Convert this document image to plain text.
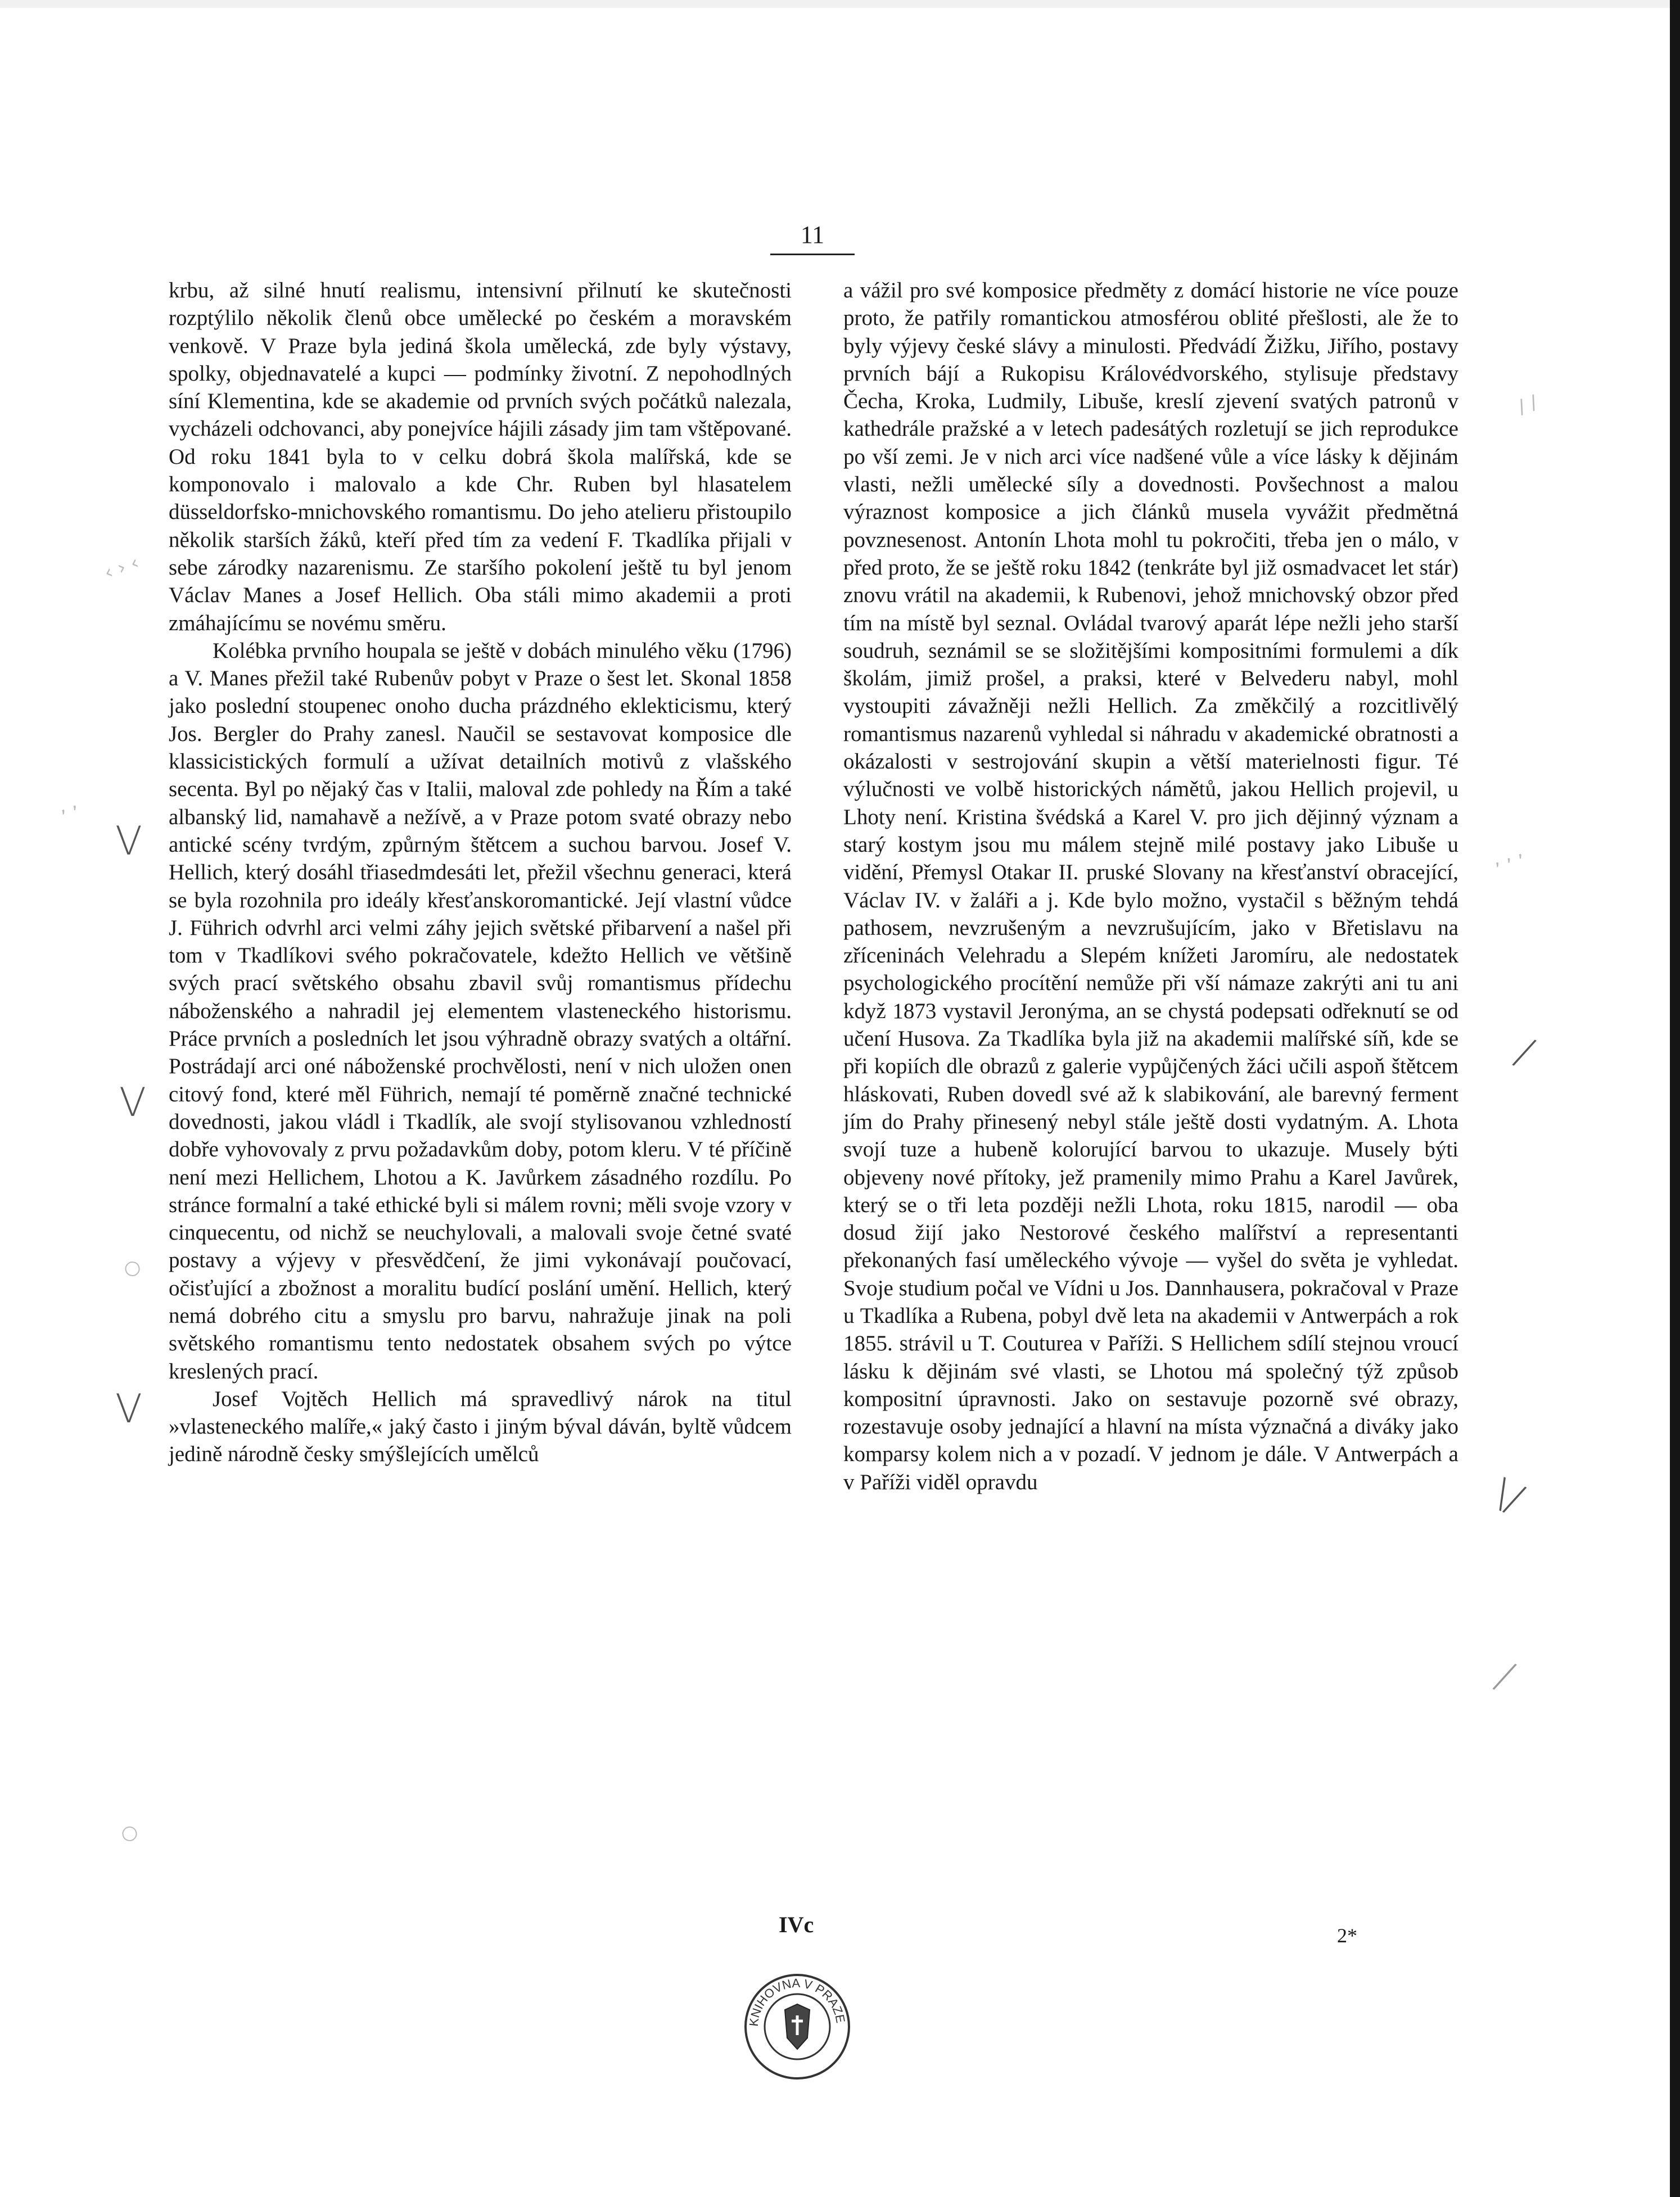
11

krbu, až silné hnutí realismu, intensivní přilnutí ke skutečnosti rozptýlilo několik členů obce umělecké po českém a moravském venkově. V Praze byla jediná škola umělecká, zde byly výstavy, spolky, objednavatelé a kupci — podmínky životní. Z nepohodlných síní Klementina, kde se akademie od prvních svých počátků nalezala, vycházeli odchovanci, aby ponejvíce hájili zásady jim tam vštěpované. Od roku 1841 byla to v celku dobrá škola malířská, kde se komponovalo i malovalo a kde Chr. Ruben byl hlasatelem düsseldorfsko-mnichovského romantismu. Do jeho atelieru přistoupilo několik starších žáků, kteří před tím za vedení F. Tkadlíka přijali v sebe zárodky nazarenismu. Ze staršího pokolení ještě tu byl jenom Václav Manes a Josef Hellich. Oba stáli mimo akademii a proti zmáhajícímu se novému směru.

Kolébka prvního houpala se ještě v dobách minulého věku (1796) a V. Manes přežil také Rubenův pobyt v Praze o šest let. Skonal 1858 jako poslední stoupenec onoho ducha prázdného eklekticismu, který Jos. Bergler do Prahy zanesl. Naučil se sestavovat komposice dle klassicistických formulí a užívat detailních motivů z vlašského secenta. Byl po nějaký čas v Italii, maloval zde pohledy na Řím a také albanský lid, namahavě a nežívě, a v Praze potom svaté obrazy nebo antické scény tvrdým, způrným štětcem a suchou barvou. Josef V. Hellich, který dosáhl třiasedmdesáti let, přežil všechnu generaci, která se byla rozohnila pro ideály křesťanskoromantické. Její vlastní vůdce J. Führich odvrhl arci velmi záhy jejich světské přibarvení a našel při tom v Tkadlíkovi svého pokračovatele, kdežto Hellich ve většině svých prací světského obsahu zbavil svůj romantismus přídechu náboženského a nahradil jej elementem vlasteneckého historismu. Práce prvních a posledních let jsou výhradně obrazy svatých a oltářní. Postrádají arci oné náboženské prochvělosti, není v nich uložen onen citový fond, které měl Führich, nemají té poměrně značné technické dovednosti, jakou vládl i Tkadlík, ale svojí stylisovanou vzhledností dobře vyhovovaly z prvu požadavkům doby, potom kleru. V té příčině není mezi Hellichem, Lhotou a K. Javůrkem zásadného rozdílu. Po stránce formalní a také ethické byli si málem rovni; měli svoje vzory v cinquecentu, od nichž se neuchylovali, a malovali svoje četné svaté postavy a výjevy v přesvědčení, že jimi vykonávají poučovací, očisťující a zbožnost a moralitu budící poslání umění. Hellich, který nemá dobrého citu a smyslu pro barvu, nahražuje jinak na poli světského romantismu tento nedostatek obsahem svých po výtce kreslených prací.

Josef Vojtěch Hellich má spravedlivý nárok na titul »vlasteneckého malíře,« jaký často i jiným býval dáván, byltě vůdcem jedině národně česky smýšlejících umělců

a vážil pro své komposice předměty z domácí historie ne více pouze proto, že patřily romantickou atmosférou oblité přešlosti, ale že to byly výjevy české slávy a minulosti. Předvádí Žižku, Jiřího, postavy prvních bájí a Rukopisu Královédvorského, stylisuje představy Čecha, Kroka, Ludmily, Libuše, kreslí zjevení svatých patronů v kathedrále pražské a v letech padesátých rozletují se jich reprodukce po vší zemi. Je v nich arci více nadšené vůle a více lásky k dějinám vlasti, nežli umělecké síly a dovednosti. Povšechnost a malou výraznost komposice a jich článků musela vyvážit předmětná povznesenost. Antonín Lhota mohl tu pokročiti, třeba jen o málo, v před proto, že se ještě roku 1842 (tenkráte byl již osmadvacet let stár) znovu vrátil na akademii, k Rubenovi, jehož mnichovský obzor před tím na místě byl seznal. Ovládal tvarový aparát lépe nežli jeho starší soudruh, seznámil se se složitějšími kompositními formulemi a dík školám, jimiž prošel, a praksi, které v Belvederu nabyl, mohl vystoupiti závažněji nežli Hellich. Za změkčilý a rozcitlivělý romantismus nazarenů vyhledal si náhradu v akademické obratnosti a okázalosti v sestrojování skupin a větší materielnosti figur. Té výlučnosti ve volbě historických námětů, jakou Hellich projevil, u Lhoty není. Kristina švédská a Karel V. pro jich dějinný význam a starý kostym jsou mu málem stejně milé postavy jako Libuše u vidění, Přemysl Otakar II. pruské Slovany na křesťanství obracející, Václav IV. v žaláři a j. Kde bylo možno, vystačil s běžným tehdá pathosem, nevzrušeným a nevzrušujícím, jako v Břetislavu na zříceninách Velehradu a Slepém knížeti Jaromíru, ale nedostatek psychologického procítění nemůže při vší námaze zakrýti ani tu ani když 1873 vystavil Jeronýma, an se chystá podepsati odřeknutí se od učení Husova. Za Tkadlíka byla již na akademii malířské síň, kde se při kopiích dle obrazů z galerie vypůjčených žáci učili aspoň štětcem hláskovati, Ruben dovedl své až k slabikování, ale barevný ferment jím do Prahy přinesený nebyl stále ještě dosti vydatným. A. Lhota svojí tuze a hubeně kolorující barvou to ukazuje. Musely býti objeveny nové přítoky, jež pramenily mimo Prahu a Karel Javůrek, který se o tři leta později nežli Lhota, roku 1815, narodil — oba dosud žijí jako Nestorové českého malířství a representanti překonaných fasí uměleckého vývoje — vyšel do světa je vyhledat. Svoje studium počal ve Vídni u Jos. Dannhausera, pokračoval v Praze u Tkadlíka a Rubena, pobyl dvě leta na akademii v Antwerpách a rok 1855. strávil u T. Couturea v Paříži. S Hellichem sdílí stejnou vroucí lásku k dějinám své vlasti, se Lhotou má společný týž způsob kompositní úpravnosti. Jako on sestavuje pozorně své obrazy, rozestavuje osoby jednající a hlavní na místa význačná a diváky jako komparsy kolem nich a v pozadí. V jednom je dále. V Antwerpách a v Paříži viděl opravdu

IVc	2*
V
V
V
/
\/
/
‹ › ‹
/ /
ʼ ʼ ʼ
ʼ ʼ
○
○
KNIHOVNA V PRAZE
